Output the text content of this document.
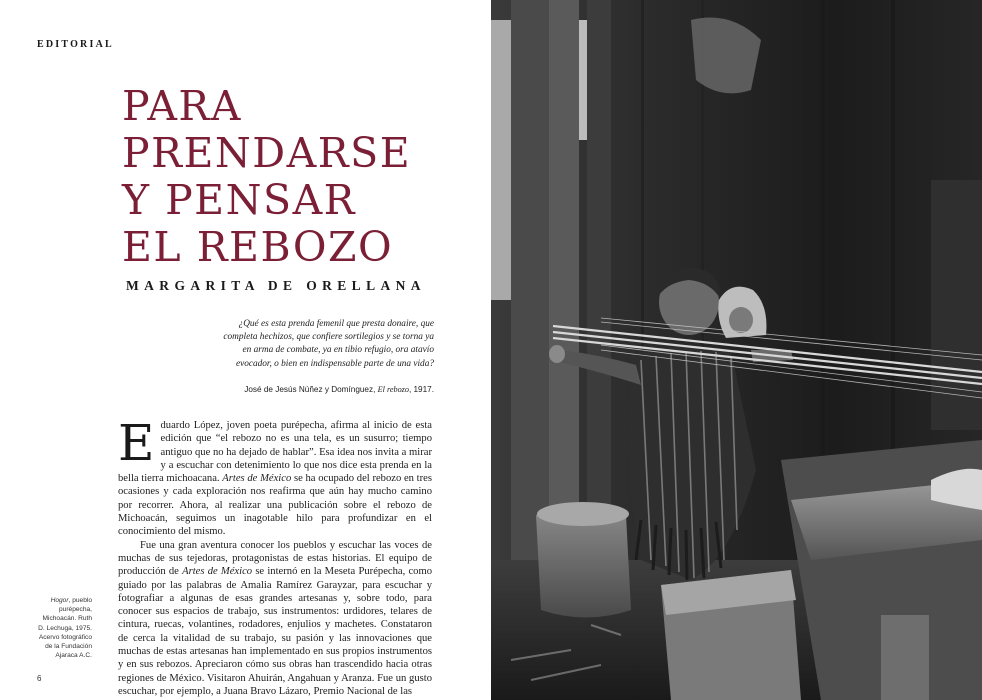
EDITORIAL
PARA
PRENDARSE
Y PENSAR
EL REBOZO
MARGARITA DE ORELLANA
¿Qué es esta prenda femenil que presta donaire, que completa hechizos, que confiere sortilegios y se torna ya en arma de combate, ya en tibio refugio, ora atavío evocador, o bien en indispensable parte de una vida?
José de Jesús Núñez y Domínguez, El rebozo, 1917.

Eduardo López, joven poeta purépecha, afirma al inicio de esta edición que “el rebozo no es una tela, es un susurro; tiempo antiguo que no ha dejado de hablar”. Esa idea nos invita a mirar y a escuchar con detenimiento lo que nos dice esta prenda en la bella tierra michoacana. Artes de México se ha ocupado del rebozo en tres ocasiones y cada exploración nos reafirma que aún hay mucho camino por recorrer. Ahora, al realizar una publicación sobre el rebozo de Michoacán, seguimos un inagotable hilo para profundizar en el conocimiento del mismo.

Fue una gran aventura conocer los pueblos y escuchar las voces de muchas de sus tejedoras, protagonistas de estas historias. El equipo de producción de Artes de México se internó en la Meseta Purépecha, como guiado por las palabras de Amalia Ramírez Garayzar, para escuchar y fotografiar a algunas de esas grandes artesanas y, sobre todo, para conocer sus espacios de trabajo, sus instrumentos: urdidores, telares de cintura, ruecas, volantines, rodadores, enjulios y machetes. Constataron de cerca la vitalidad de su trabajo, su pasión y las innovaciones que muchas de estas artesanas han implementado en sus propios instrumentos y en sus rebozos. Apreciaron cómo sus obras han trascendido hacia otras regiones de México. Visitaron Ahuirán, Angahuan y Aranza. Fue un gusto escuchar, por ejemplo, a Juana Bravo Lázaro, Premio Nacional de las

Hogor, pueblo purépecha, Michoacán. Ruth D. Lechuga, 1975. Acervo fotográfico de la Fundación Ajaraca A.C.
6
